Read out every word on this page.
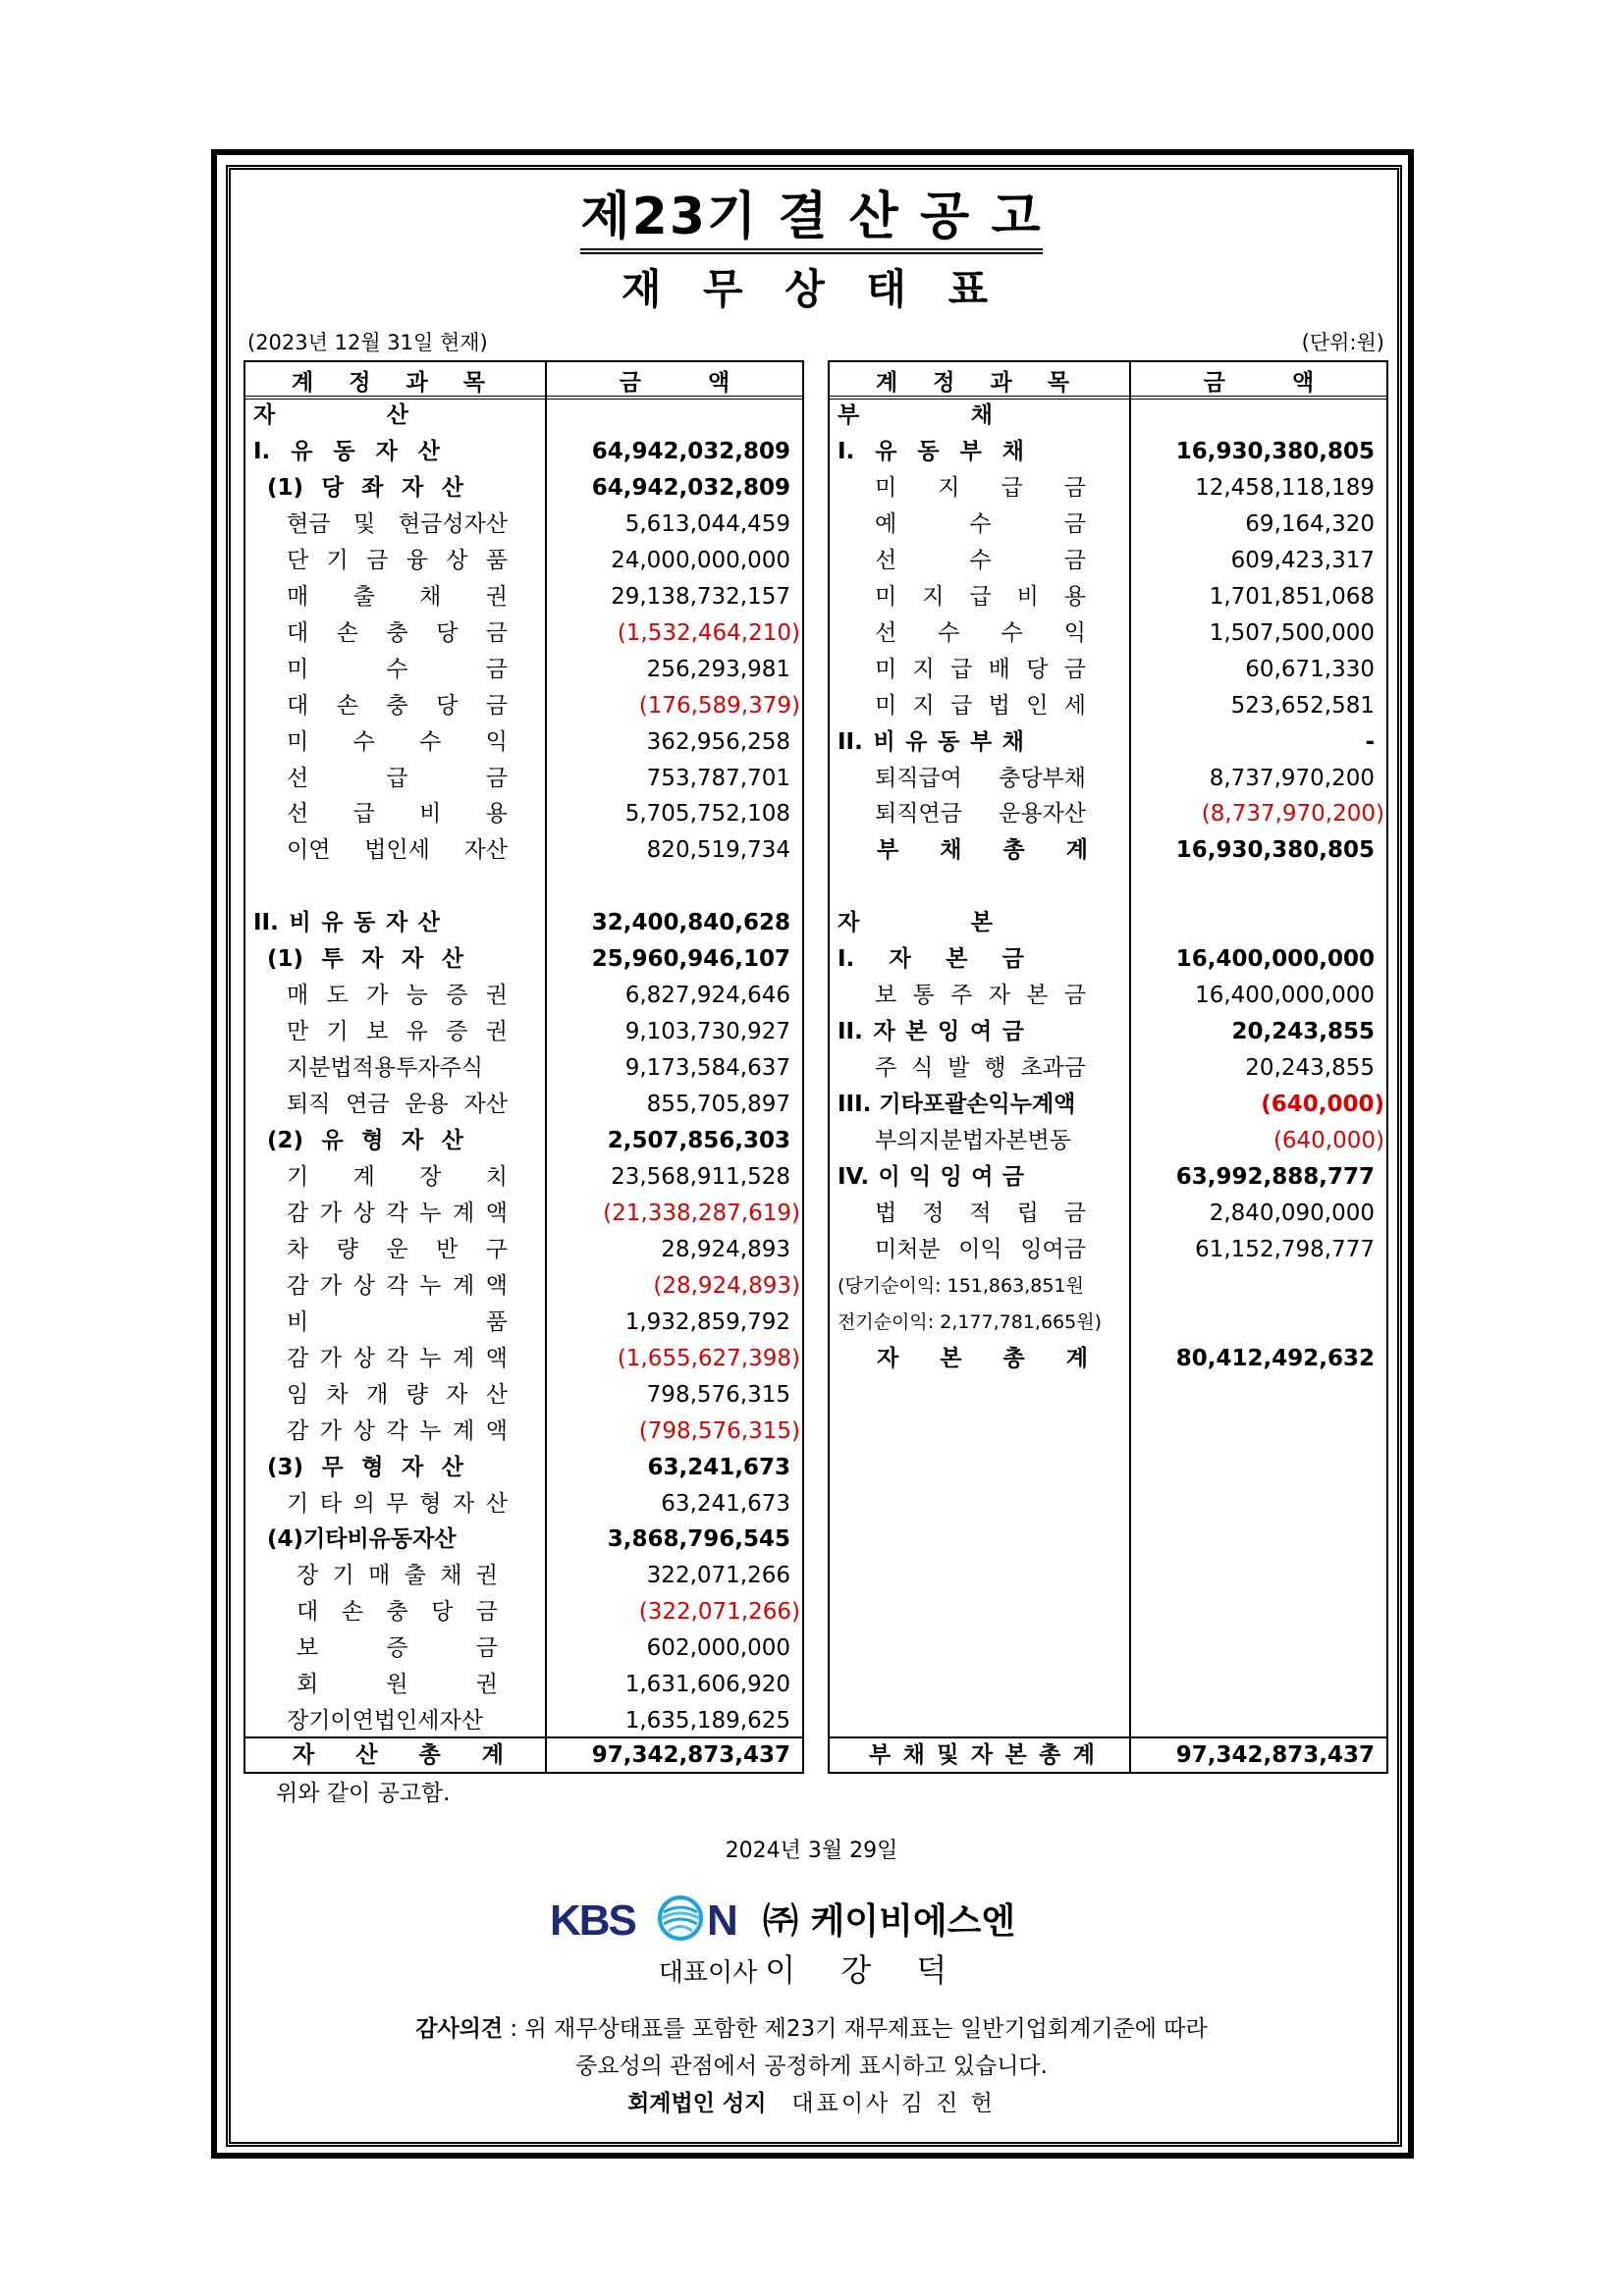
제23기 결 산 공 고
재 무 상 태 표
(2023년 12월 31일 현재)	(단위:원)
계 정 과 목	금 액
자 산
I. 유 동 자 산	64,942,032,809
(1) 당 좌 자 산	64,942,032,809
현금 및 현금성자산	5,613,044,459
단 기 금 융 상 품	24,000,000,000
매 출 채 권	29,138,732,157
대 손 충 당 금	(1,532,464,210)
미 수 금	256,293,981
대 손 충 당 금	(176,589,379)
미 수 수 익	362,956,258
선 급 금	753,787,701
선 급 비 용	5,705,752,108
이연 법인세 자산	820,519,734
II. 비 유 동 자 산	32,400,840,628
(1) 투 자 자 산	25,960,946,107
매 도 가 능 증 권	6,827,924,646
만 기 보 유 증 권	9,103,730,927
지분법적용투자주식	9,173,584,637
퇴직 연금 운용 자산	855,705,897
(2) 유 형 자 산	2,507,856,303
기 계 장 치	23,568,911,528
감 가 상 각 누 계 액	(21,338,287,619)
차 량 운 반 구	28,924,893
감 가 상 각 누 계 액	(28,924,893)
비 품	1,932,859,792
감 가 상 각 누 계 액	(1,655,627,398)
임 차 개 량 자 산	798,576,315
감 가 상 각 누 계 액	(798,576,315)
(3) 무 형 자 산	63,241,673
기 타 의 무 형 자 산	63,241,673
(4)기타비유동자산	3,868,796,545
장 기 매 출 채 권	322,071,266
대 손 충 당 금	(322,071,266)
보 증 금	602,000,000
회 원 권	1,631,606,920
장기이연법인세자산	1,635,189,625
자 산 총 계	97,342,873,437
계 정 과 목	금 액
부 채
I. 유 동 부 채	16,930,380,805
미 지 급 금	12,458,118,189
예 수 금	69,164,320
선 수 금	609,423,317
미 지 급 비 용	1,701,851,068
선 수 수 익	1,507,500,000
미 지 급 배 당 금	60,671,330
미 지 급 법 인 세	523,652,581
II. 비 유 동 부 채	-
퇴직급여 충당부채	8,737,970,200
퇴직연금 운용자산	(8,737,970,200)
부 채 총 계	16,930,380,805
자 본
I. 자 본 금	16,400,000,000
보 통 주 자 본 금	16,400,000,000
II. 자 본 잉 여 금	20,243,855
주 식 발 행 초과금	20,243,855
III. 기타포괄손익누계액	(640,000)
부의지분법자본변동	(640,000)
IV. 이 익 잉 여 금	63,992,888,777
법 정 적 립 금	2,840,090,000
미처분 이익 잉여금	61,152,798,777
(당기순이익: 151,863,851원
전기순이익: 2,177,781,665원)
자 본 총 계	80,412,492,632
부 채 및 자 본 총 계	97,342,873,437
위와 같이 공고함.
2024년 3월 29일
KBS N ㈜ 케이비에스엔
대표이사 이 강 덕
감사의견 : 위 재무상태표를 포함한 제23기 재무제표는 일반기업회계기준에 따라
중요성의 관점에서 공정하게 표시하고 있습니다.
회계법인 성지 대표이사 김 진 헌
